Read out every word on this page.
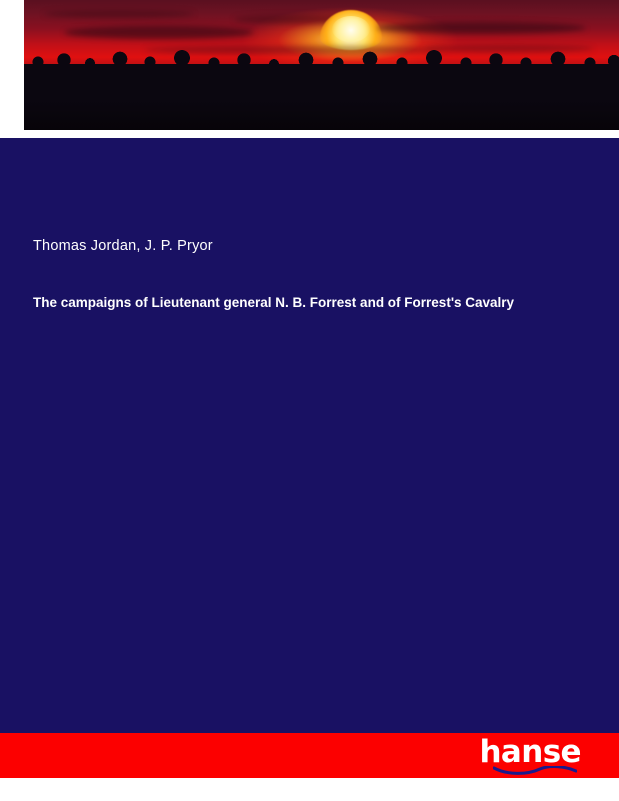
Thomas Jordan, J. P. Pryor
The campaigns of Lieutenant general N. B. Forrest and of Forrest's Cavalry
hanse
